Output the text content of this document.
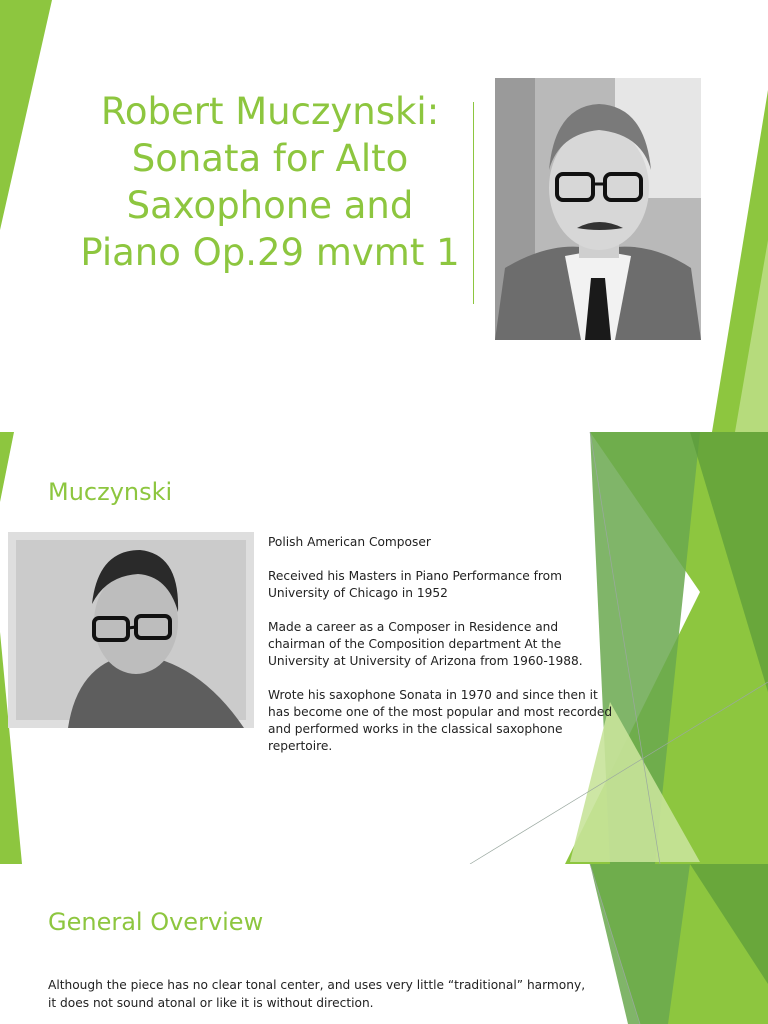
Robert Muczynski:
Sonata for Alto
Saxophone and
Piano Op.29 mvmt 1
Muczynski

Polish American Composer

Received his Masters in Piano Performance from University of Chicago in 1952

Made a career as a Composer in Residence and chairman of the Composition department At the University at University of Arizona from 1960-1988.

Wrote his saxophone Sonata in 1970 and since then it has become one of the most popular and most recorded and performed works in the classical saxophone repertoire.

General Overview
Although the piece has no clear tonal center, and uses very little “traditional” harmony, it does not sound atonal or like it is without direction.
